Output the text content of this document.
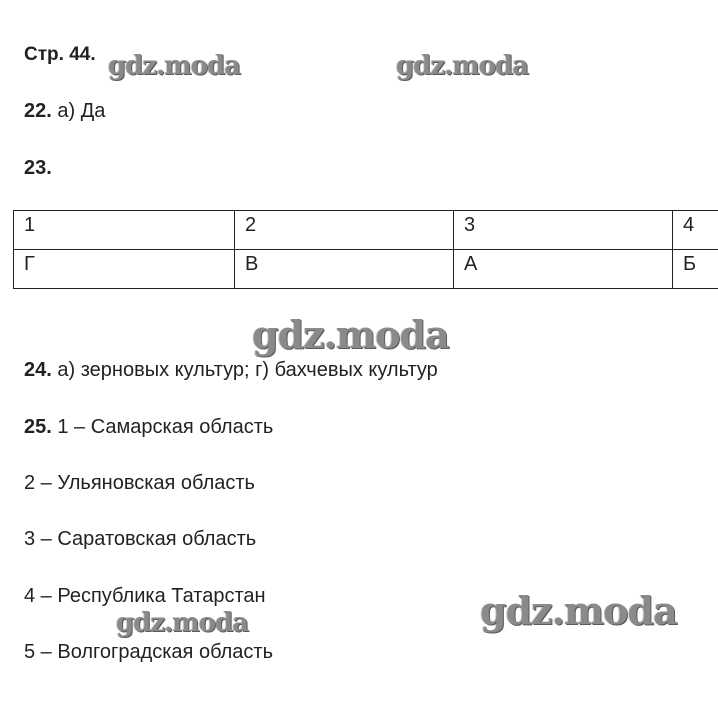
Стр. 44. gdz.moda	gdz.moda
22. а) Да
23.
1	2	3	4
Г	В	А	Б
gdz.moda
24. а) зерновых культур; г) бахчевых культур
25. 1 – Самарская область
2 – Ульяновская область
3 – Саратовская область
4 – Республика Татарстан	gdz.moda
gdz.moda
5 – Волгоградская область
